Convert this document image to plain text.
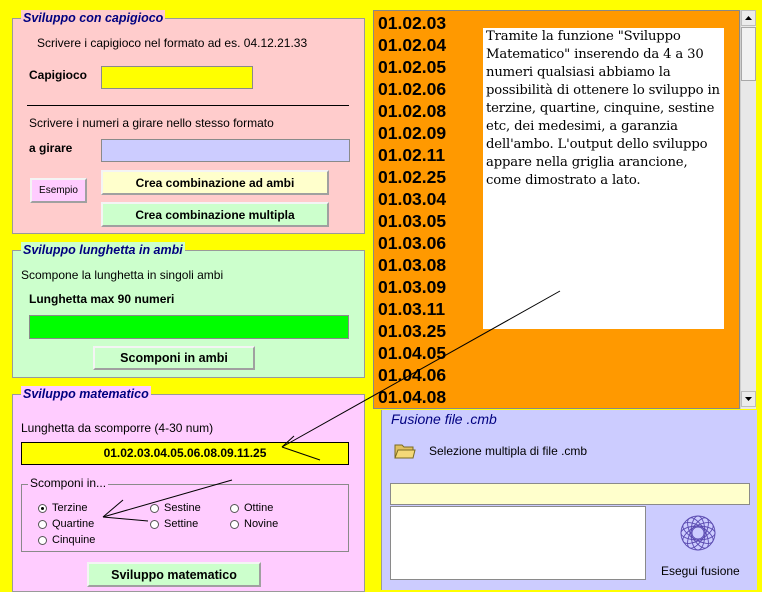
Sviluppo con capigioco
Scrivere i capigioco nel formato ad es. 04.12.21.33
Capigioco
Scrivere i numeri a girare nello stesso formato
a girare
Esempio
Crea combinazione ad ambi
Crea combinazione multipla
Sviluppo lunghetta in ambi
Scompone la lunghetta in singoli ambi
Lunghetta max 90 numeri
Scomponi in ambi
Sviluppo matematico
Lunghetta da scomporre (4-30 num)
01.02.03.04.05.06.08.09.11.25
Scomponi in...
Terzine
Quartine
Cinquine
Sestine
Settine
Ottine
Novine
Sviluppo matematico
01.02.03
01.02.04
01.02.05
01.02.06
01.02.08
01.02.09
01.02.11
01.02.25
01.03.04
01.03.05
01.03.06
01.03.08
01.03.09
01.03.11
01.03.25
01.04.05
01.04.06
01.04.08
Tramite la funzione "Sviluppo Matematico" inserendo da 4 a 30 numeri qualsiasi abbiamo la possibilità di ottenere lo sviluppo in terzine, quartine, cinquine, sestine etc, dei medesimi, a garanzia dell'ambo. L'output dello sviluppo appare nella griglia arancione, come dimostrato a lato.
Fusione file .cmb
Selezione multipla di file .cmb
Esegui fusione
